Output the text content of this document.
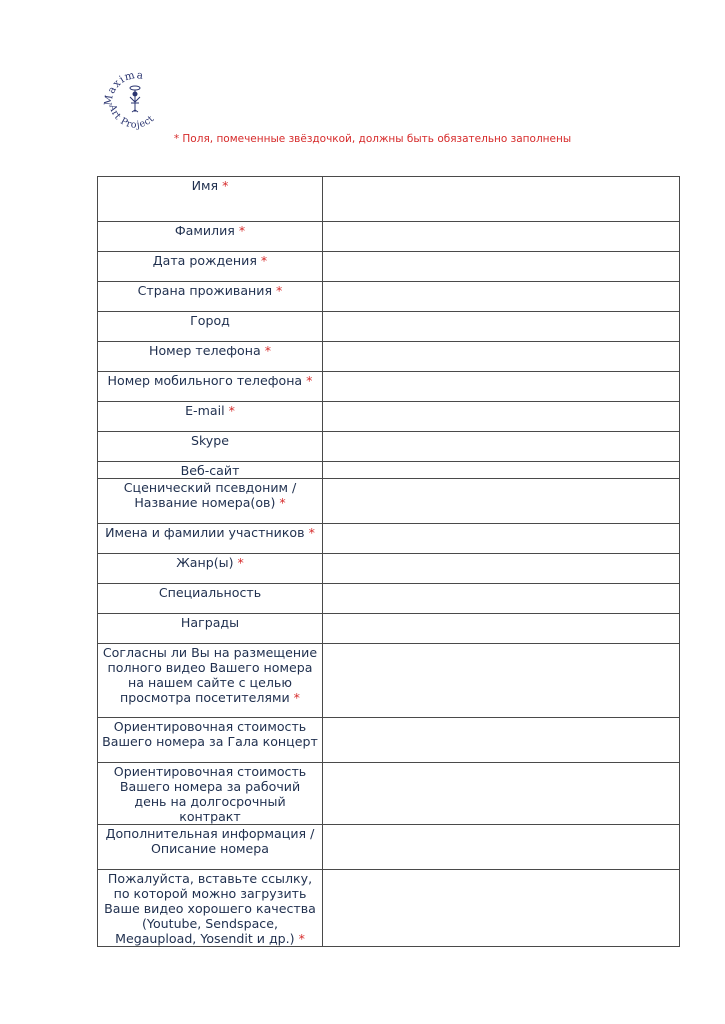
Maxima
Art Project
* Поля, помеченные звёздочкой, должны быть обязательно заполнены
Имя *	

Фамилия *	

Дата рождения *	

Страна проживания *	

Город	

Номер телефона *	

Номер мобильного телефона *	

E-mail *	

Skype	

Веб-сайт	

Сценический псевдоним / Название номера(ов) *	

Имена и фамилии участников *	

Жанр(ы) *	

Специальность	

Награды	

Согласны ли Вы на размещение полного видео Вашего номера на нашем сайте с целью просмотра посетителями *	

Ориентировочная стоимость Вашего номера за Гала концерт	

Ориентировочная стоимость Вашего номера за рабочий день на долгосрочный контракт	

Дополнительная информация / Описание номера	

Пожалуйста, вставьте ссылку, по которой можно загрузить Ваше видео хорошего качества (Youtube, Sendspace, Megaupload, Yosendit и др.) *	
